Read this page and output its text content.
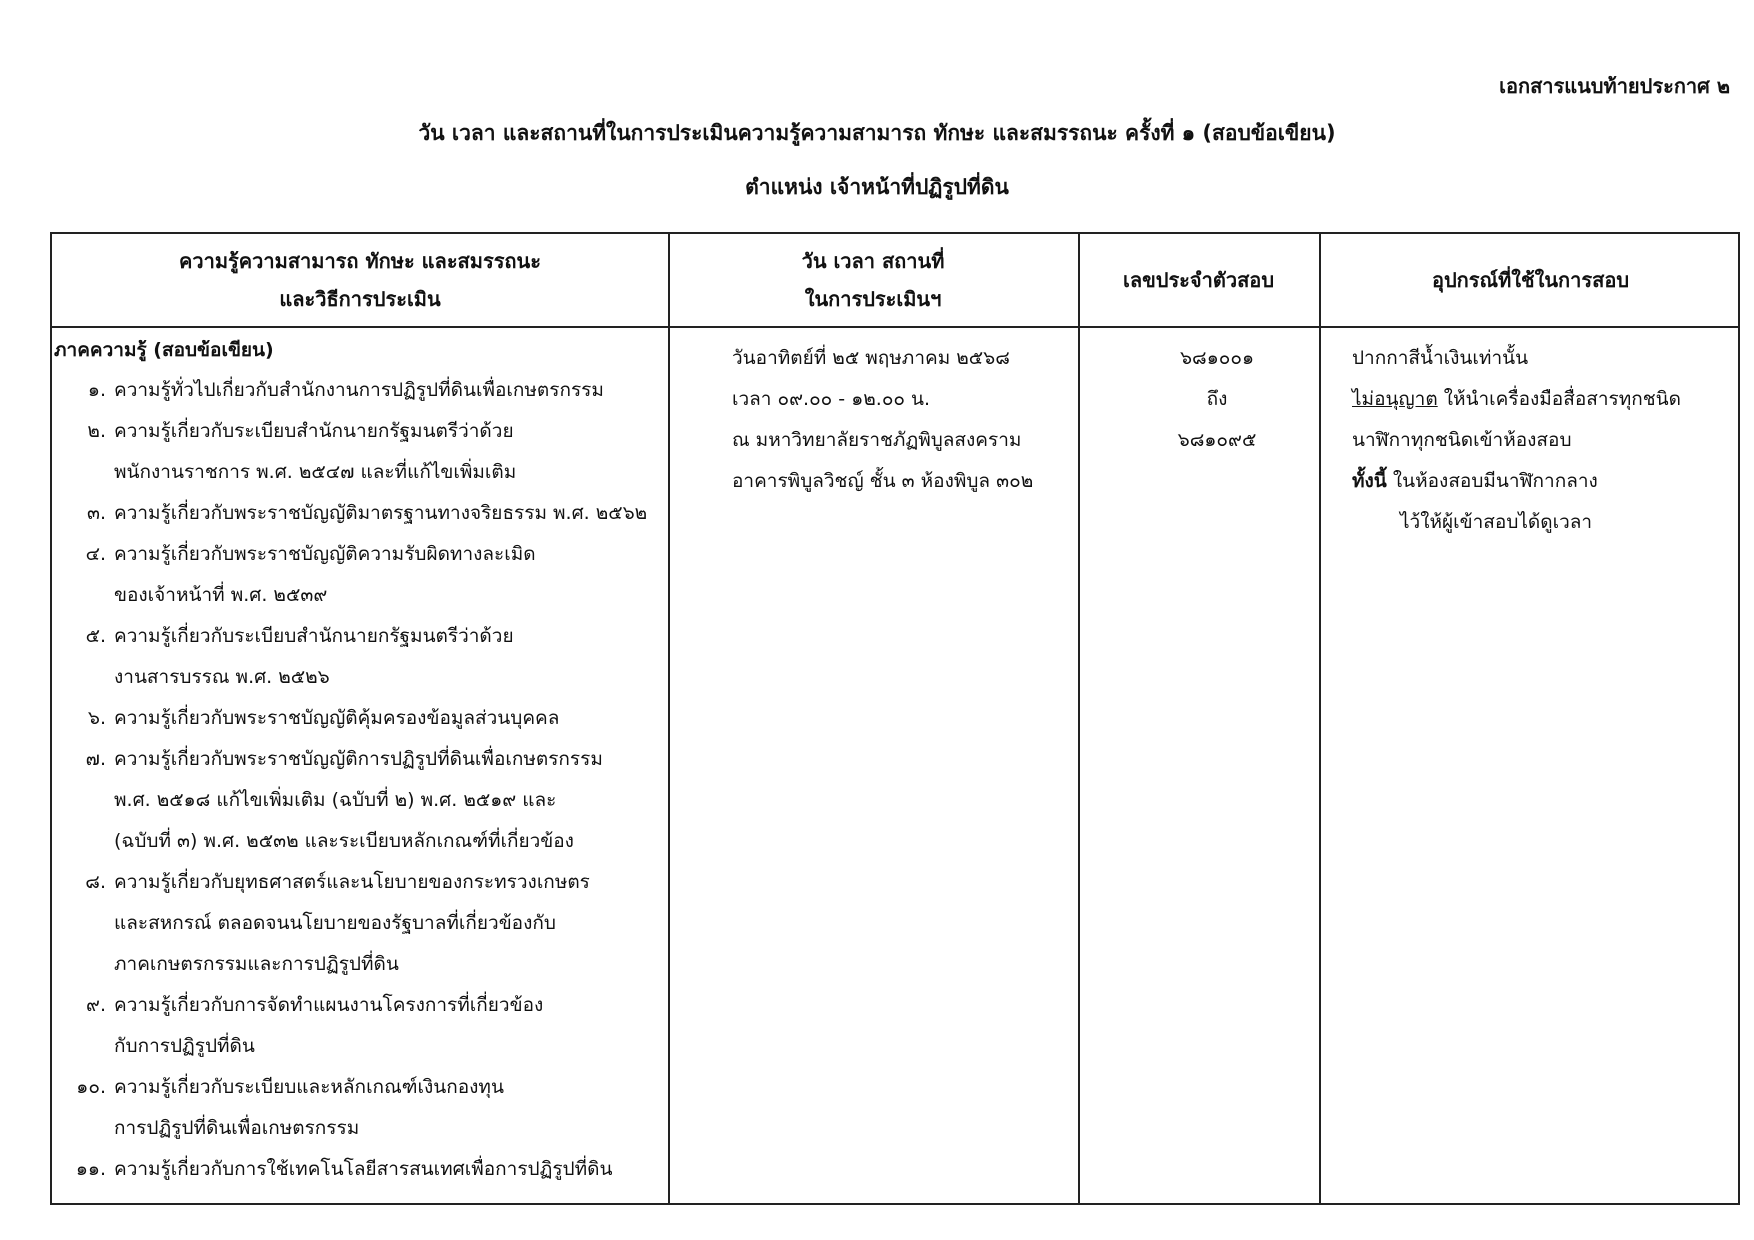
เอกสารแนบท้ายประกาศ ๒
วัน เวลา และสถานที่ในการประเมินความรู้ความสามารถ ทักษะ และสมรรถนะ ครั้งที่ ๑ (สอบข้อเขียน)
ตำแหน่ง เจ้าหน้าที่ปฏิรูปที่ดิน
ความรู้ความสามารถ ทักษะ และสมรรถนะ
และวิธีการประเมิน
วัน เวลา สถานที่
ในการประเมินฯ
เลขประจำตัวสอบ	อุปกรณ์ที่ใช้ในการสอบ
ภาคความรู้ (สอบข้อเขียน)
๑. ความรู้ทั่วไปเกี่ยวกับสำนักงานการปฏิรูปที่ดินเพื่อเกษตรกรรม
๒. ความรู้เกี่ยวกับระเบียบสำนักนายกรัฐมนตรีว่าด้วย
พนักงานราชการ พ.ศ. ๒๕๔๗ และที่แก้ไขเพิ่มเติม
๓. ความรู้เกี่ยวกับพระราชบัญญัติมาตรฐานทางจริยธรรม พ.ศ. ๒๕๖๒
๔. ความรู้เกี่ยวกับพระราชบัญญัติความรับผิดทางละเมิด
ของเจ้าหน้าที่ พ.ศ. ๒๕๓๙
๕. ความรู้เกี่ยวกับระเบียบสำนักนายกรัฐมนตรีว่าด้วย
งานสารบรรณ พ.ศ. ๒๕๒๖
๖. ความรู้เกี่ยวกับพระราชบัญญัติคุ้มครองข้อมูลส่วนบุคคล
๗. ความรู้เกี่ยวกับพระราชบัญญัติการปฏิรูปที่ดินเพื่อเกษตรกรรม
พ.ศ. ๒๕๑๘ แก้ไขเพิ่มเติม (ฉบับที่ ๒) พ.ศ. ๒๕๑๙ และ
(ฉบับที่ ๓) พ.ศ. ๒๕๓๒ และระเบียบหลักเกณฑ์ที่เกี่ยวข้อง
๘. ความรู้เกี่ยวกับยุทธศาสตร์และนโยบายของกระทรวงเกษตร
และสหกรณ์ ตลอดจนนโยบายของรัฐบาลที่เกี่ยวข้องกับ
ภาคเกษตรกรรมและการปฏิรูปที่ดิน
๙. ความรู้เกี่ยวกับการจัดทำแผนงานโครงการที่เกี่ยวข้อง
กับการปฏิรูปที่ดิน
๑๐. ความรู้เกี่ยวกับระเบียบและหลักเกณฑ์เงินกองทุน
การปฏิรูปที่ดินเพื่อเกษตรกรรม
๑๑. ความรู้เกี่ยวกับการใช้เทคโนโลยีสารสนเทศเพื่อการปฏิรูปที่ดิน
วันอาทิตย์ที่ ๒๕ พฤษภาคม ๒๕๖๘
เวลา ๐๙.๐๐ - ๑๒.๐๐ น.
ณ มหาวิทยาลัยราชภัฏพิบูลสงคราม
อาคารพิบูลวิชญ์ ชั้น ๓ ห้องพิบูล ๓๐๒
๖๘๑๐๐๑
ถึง
๖๘๑๐๙๕
ปากกาสีน้ำเงินเท่านั้น
ไม่อนุญาต ให้นำเครื่องมือสื่อสารทุกชนิด
นาฬิกาทุกชนิดเข้าห้องสอบ
ทั้งนี้ ในห้องสอบมีนาฬิกากลาง
ไว้ให้ผู้เข้าสอบได้ดูเวลา
